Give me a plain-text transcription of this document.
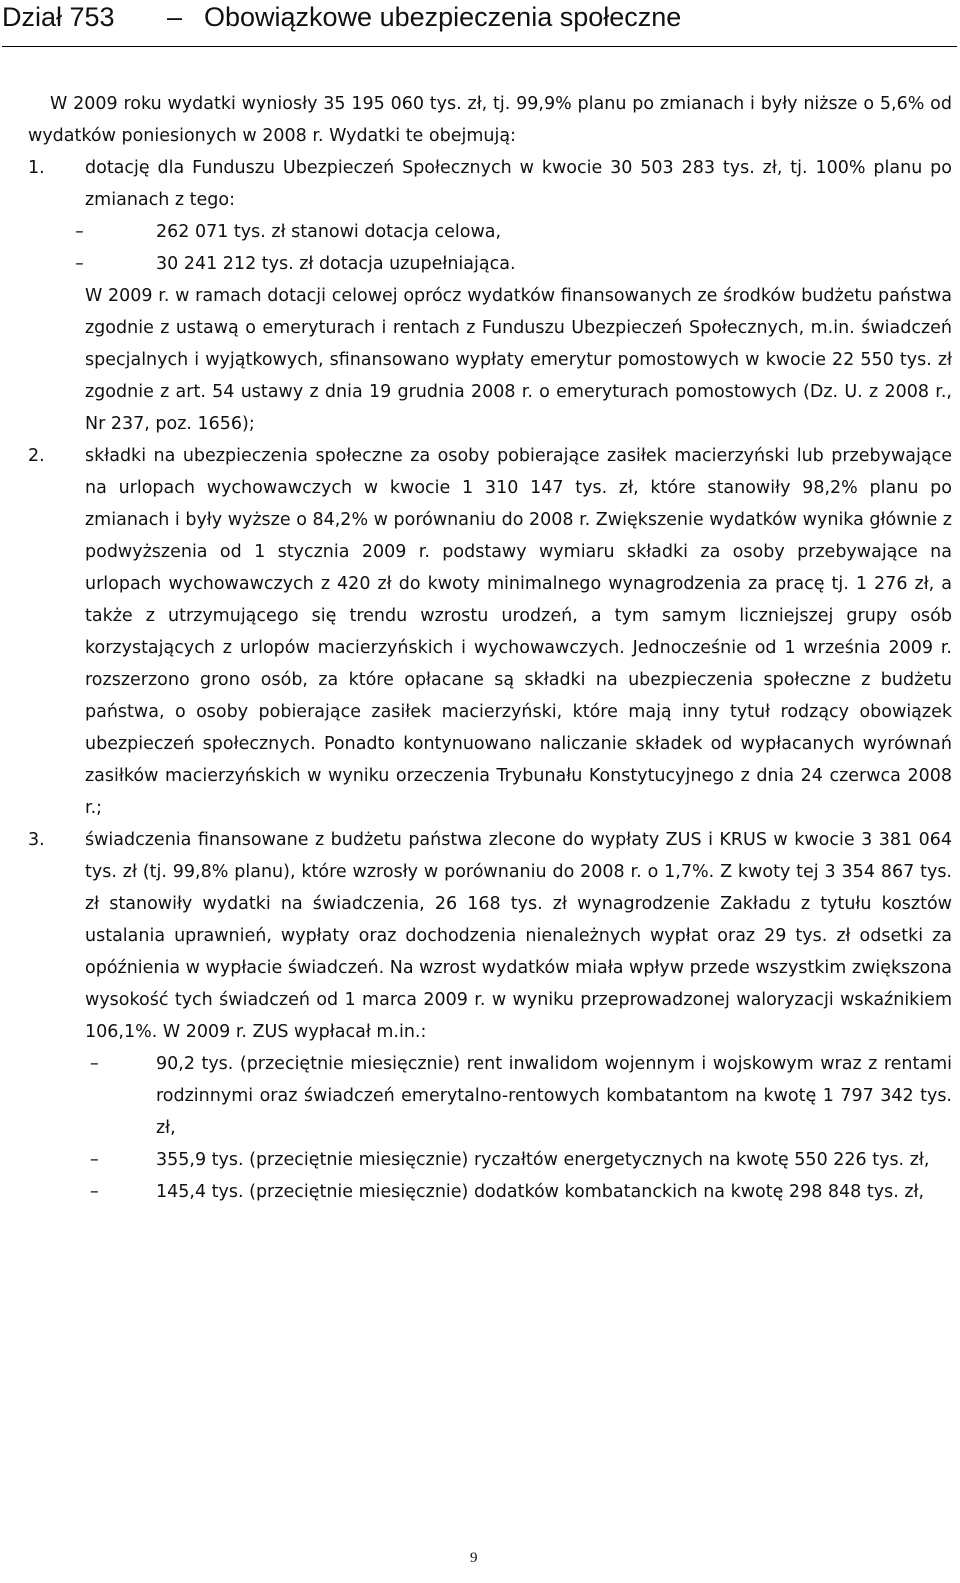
Dział 753 – Obowiązkowe ubezpieczenia społeczne

W 2009 roku wydatki wyniosły 35 195 060 tys. zł, tj. 99,9% planu po zmianach i były niższe o 5,6% od wydatków poniesionych w 2008 r. Wydatki te obejmują:

1. dotację dla Funduszu Ubezpieczeń Społecznych w kwocie 30 503 283 tys. zł, tj. 100% planu po zmianach z tego:

–	262 071 tys. zł stanowi dotacja celowa,

–	30 241 212 tys. zł dotacja uzupełniająca.

W 2009 r. w ramach dotacji celowej oprócz wydatków finansowanych ze środków budżetu państwa zgodnie z ustawą o emeryturach i rentach z Funduszu Ubezpieczeń Społecznych, m.in. świadczeń specjalnych i wyjątkowych, sfinansowano wypłaty emerytur pomostowych w kwocie 22 550 tys. zł zgodnie z art. 54 ustawy z dnia 19 grudnia 2008 r. o emeryturach pomostowych (Dz. U. z 2008 r., Nr 237, poz. 1656);

2. składki na ubezpieczenia społeczne za osoby pobierające zasiłek macierzyński lub przebywające na urlopach wychowawczych w kwocie 1 310 147 tys. zł, które stanowiły 98,2% planu po zmianach i były wyższe o 84,2% w porównaniu do 2008 r. Zwiększenie wydatków wynika głównie z podwyższenia od 1 stycznia 2009 r. podstawy wymiaru składki za osoby przebywające na urlopach wychowawczych z 420 zł do kwoty minimalnego wynagrodzenia za pracę tj. 1 276 zł, a także z utrzymującego się trendu wzrostu urodzeń, a tym samym liczniejszej grupy osób korzystających z urlopów macierzyńskich i wychowawczych. Jednocześnie od 1 września 2009 r. rozszerzono grono osób, za które opłacane są składki na ubezpieczenia społeczne z budżetu państwa, o osoby pobierające zasiłek macierzyński, które mają inny tytuł rodzący obowiązek ubezpieczeń społecznych. Ponadto kontynuowano naliczanie składek od wypłacanych wyrównań zasiłków macierzyńskich w wyniku orzeczenia Trybunału Konstytucyjnego z dnia 24 czerwca 2008 r.;

3. świadczenia finansowane z budżetu państwa zlecone do wypłaty ZUS i KRUS w kwocie 3 381 064 tys. zł (tj. 99,8% planu), które wzrosły w porównaniu do 2008 r. o 1,7%. Z kwoty tej 3 354 867 tys. zł stanowiły wydatki na świadczenia, 26 168 tys. zł wynagrodzenie Zakładu z tytułu kosztów ustalania uprawnień, wypłaty oraz dochodzenia nienależnych wypłat oraz 29 tys. zł odsetki za opóźnienia w wypłacie świadczeń. Na wzrost wydatków miała wpływ przede wszystkim zwiększona wysokość tych świadczeń od 1 marca 2009 r. w wyniku przeprowadzonej waloryzacji wskaźnikiem 106,1%. W 2009 r. ZUS wypłacał m.in.:

–	90,2 tys. (przeciętnie miesięcznie) rent inwalidom wojennym i wojskowym wraz z rentami rodzinnymi oraz świadczeń emerytalno-rentowych kombatantom na kwotę 1 797 342 tys. zł,

–	355,9 tys. (przeciętnie miesięcznie) ryczałtów energetycznych na kwotę 550 226 tys. zł,

–	145,4 tys. (przeciętnie miesięcznie) dodatków kombatanckich na kwotę 298 848 tys. zł,

9
